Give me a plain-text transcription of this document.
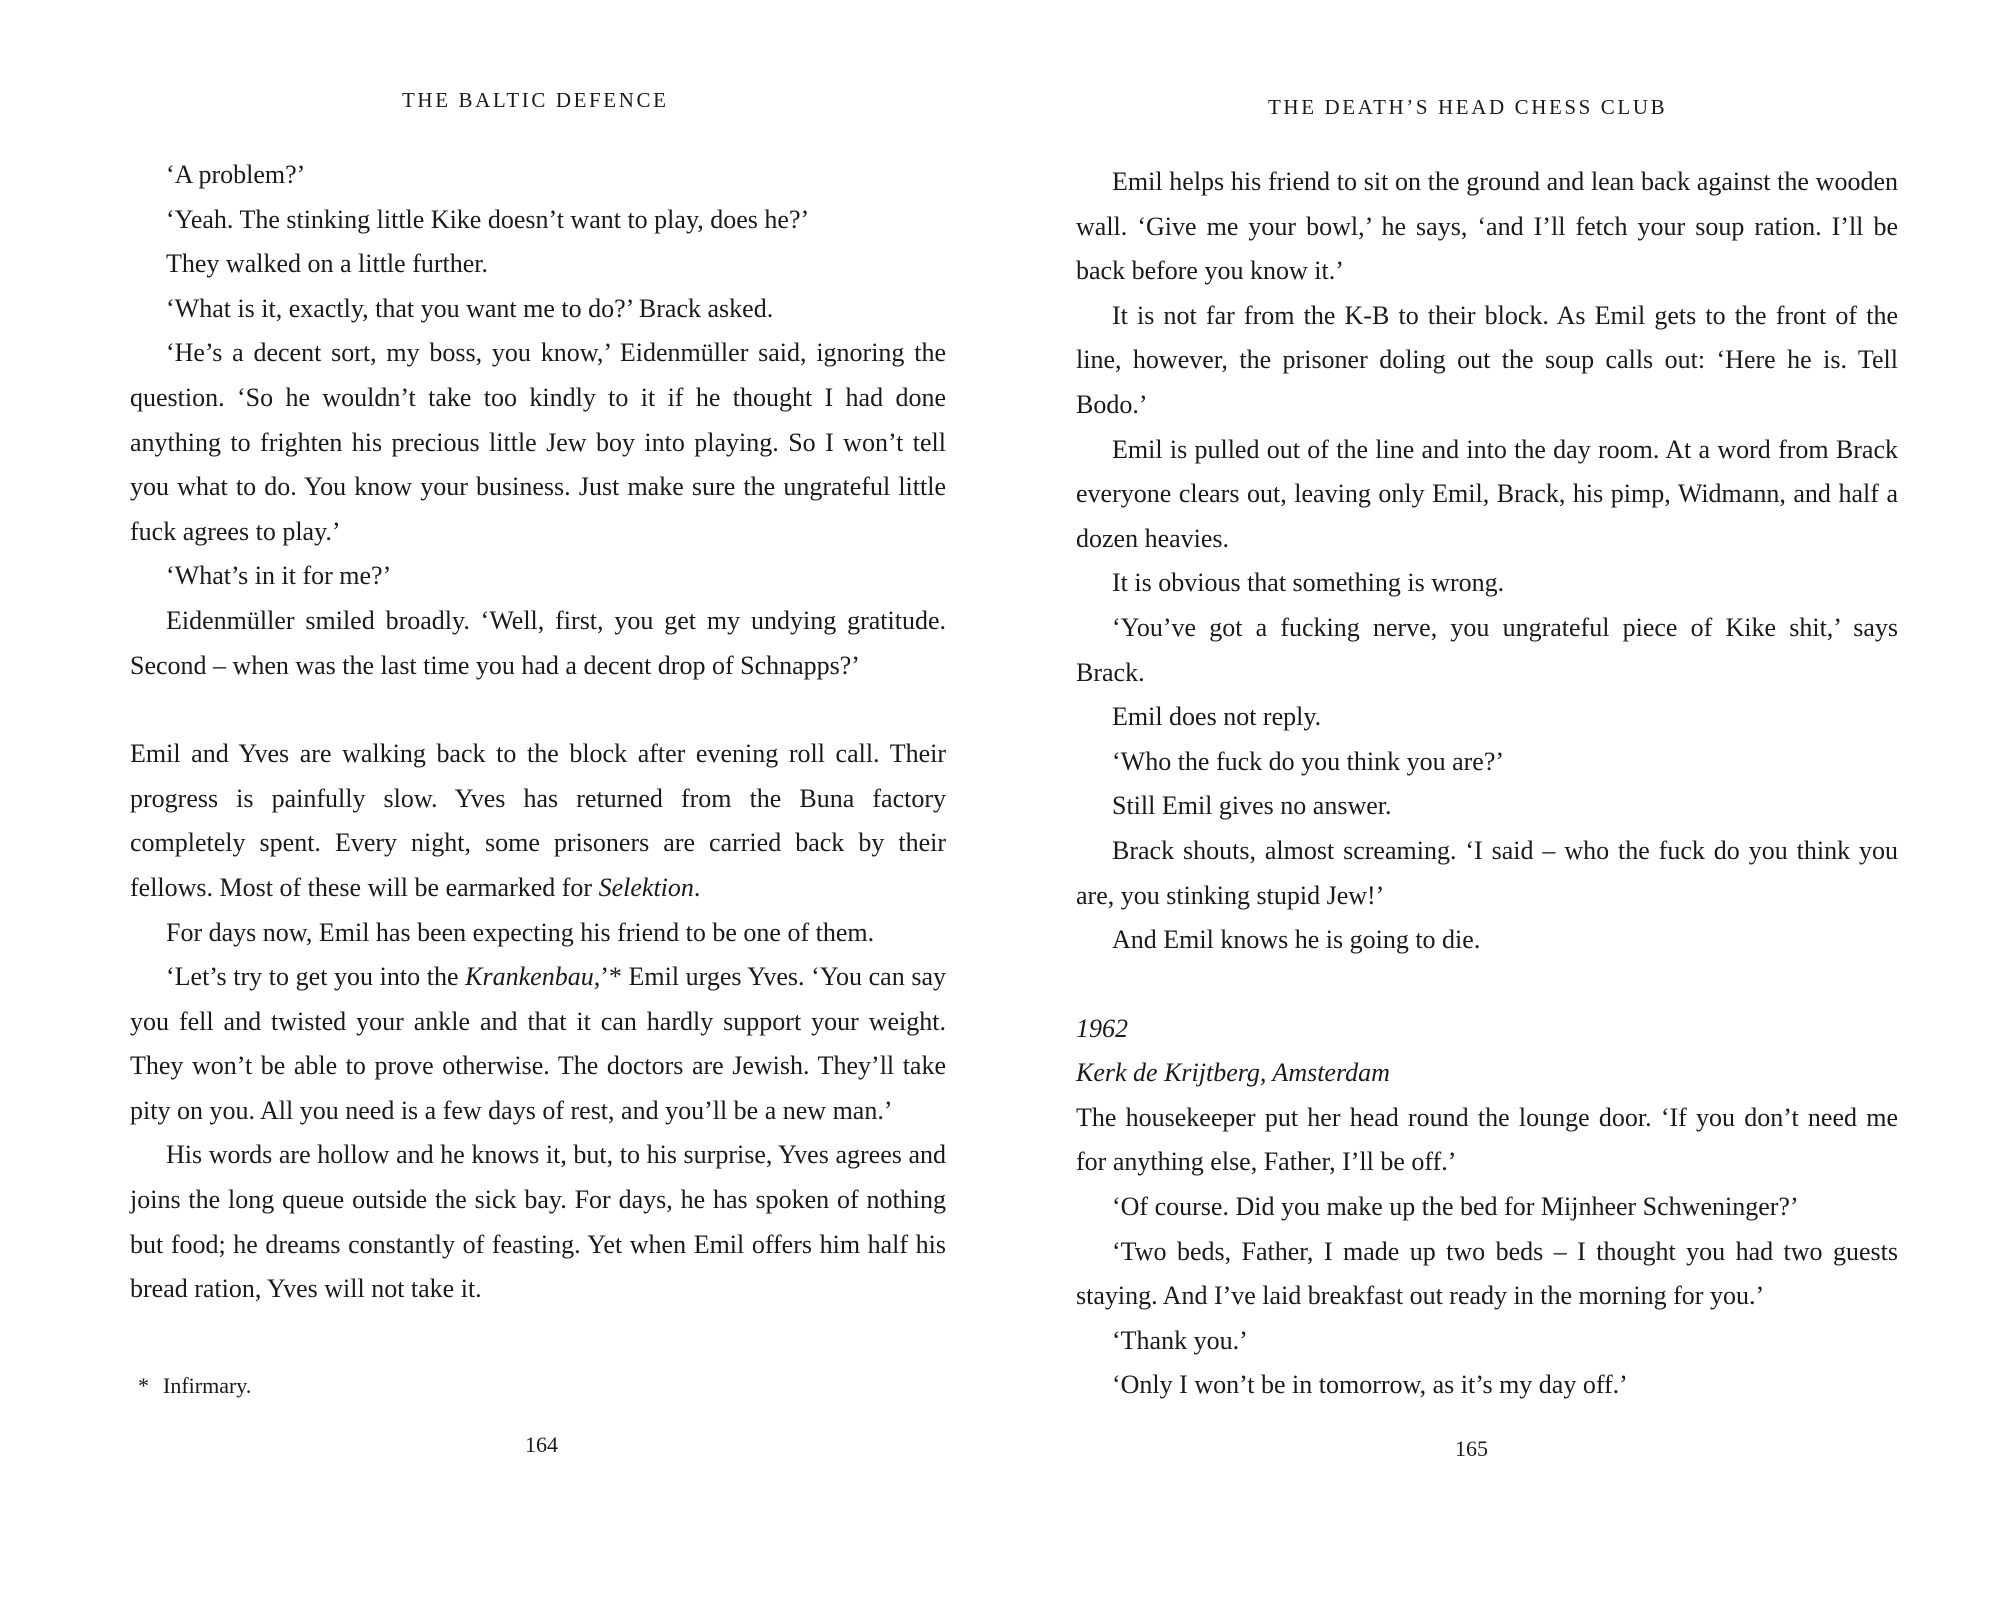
THE BALTIC DEFENCE

‘A problem?’

‘Yeah. The stinking little Kike doesn’t want to play, does he?’

They walked on a little further.

‘What is it, exactly, that you want me to do?’ Brack asked.

‘He’s a decent sort, my boss, you know,’ Eidenmüller said, ignoring the question. ‘So he wouldn’t take too kindly to it if he thought I had done anything to frighten his precious little Jew boy into playing. So I won’t tell you what to do. You know your business. Just make sure the ungrateful little fuck agrees to play.’

‘What’s in it for me?’

Eidenmüller smiled broadly. ‘Well, first, you get my undying gratitude. Second – when was the last time you had a decent drop of Schnapps?’

Emil and Yves are walking back to the block after evening roll call. Their progress is painfully slow. Yves has returned from the Buna factory completely spent. Every night, some prisoners are carried back by their fellows. Most of these will be earmarked for Selektion.

For days now, Emil has been expecting his friend to be one of them.

‘Let’s try to get you into the Krankenbau,’* Emil urges Yves. ‘You can say you fell and twisted your ankle and that it can hardly support your weight. They won’t be able to prove otherwise. The doctors are Jewish. They’ll take pity on you. All you need is a few days of rest, and you’ll be a new man.’

His words are hollow and he knows it, but, to his surprise, Yves agrees and joins the long queue outside the sick bay. For days, he has spoken of nothing but food; he dreams constantly of feasting. Yet when Emil offers him half his bread ration, Yves will not take it.

* Infirmary.
164
THE DEATH’S HEAD CHESS CLUB

Emil helps his friend to sit on the ground and lean back against the wooden wall. ‘Give me your bowl,’ he says, ‘and I’ll fetch your soup ration. I’ll be back before you know it.’

It is not far from the K-B to their block. As Emil gets to the front of the line, however, the prisoner doling out the soup calls out: ‘Here he is. Tell Bodo.’

Emil is pulled out of the line and into the day room. At a word from Brack everyone clears out, leaving only Emil, Brack, his pimp, Widmann, and half a dozen heavies.

It is obvious that something is wrong.

‘You’ve got a fucking nerve, you ungrateful piece of Kike shit,’ says Brack.

Emil does not reply.

‘Who the fuck do you think you are?’

Still Emil gives no answer.

Brack shouts, almost screaming. ‘I said – who the fuck do you think you are, you stinking stupid Jew!’

And Emil knows he is going to die.

1962

Kerk de Krijtberg, Amsterdam

The housekeeper put her head round the lounge door. ‘If you don’t need me for anything else, Father, I’ll be off.’

‘Of course. Did you make up the bed for Mijnheer Schweninger?’

‘Two beds, Father, I made up two beds – I thought you had two guests staying. And I’ve laid breakfast out ready in the morning for you.’

‘Thank you.’

‘Only I won’t be in tomorrow, as it’s my day off.’

165
